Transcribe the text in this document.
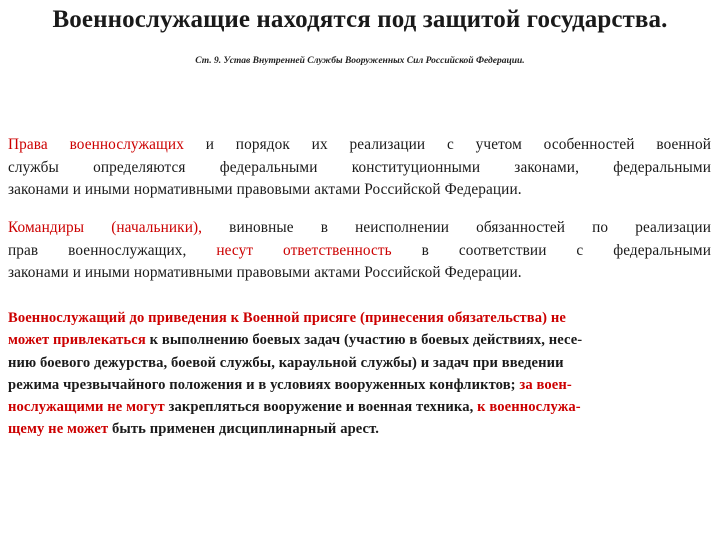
Военнослужащие находятся под защитой государства.
Ст. 9. Устав Внутренней Службы Вооруженных Сил Российской Федерации.
Права военнослужащих и порядок их реализации с учетом особенностей военной
службы определяются федеральными конституционными законами, федеральными
законами и иными нормативными правовыми актами Российской Федерации.
Командиры (начальники), виновные в неисполнении обязанностей по реализации
прав военнослужащих, несут ответственность в соответствии с федеральными
законами и иными нормативными правовыми актами Российской Федерации.
Военнослужащий до приведения к Военной присяге (принесения обязательства) не
может привлекаться к выполнению боевых задач (участию в боевых действиях, несе-
нию боевого дежурства, боевой службы, караульной службы) и задач при введении
режима чрезвычайного положения и в условиях вооруженных конфликтов; за воен-
нослужащими не могут закрепляться вооружение и военная техника, к военнослужа-
щему не может быть применен дисциплинарный арест.
